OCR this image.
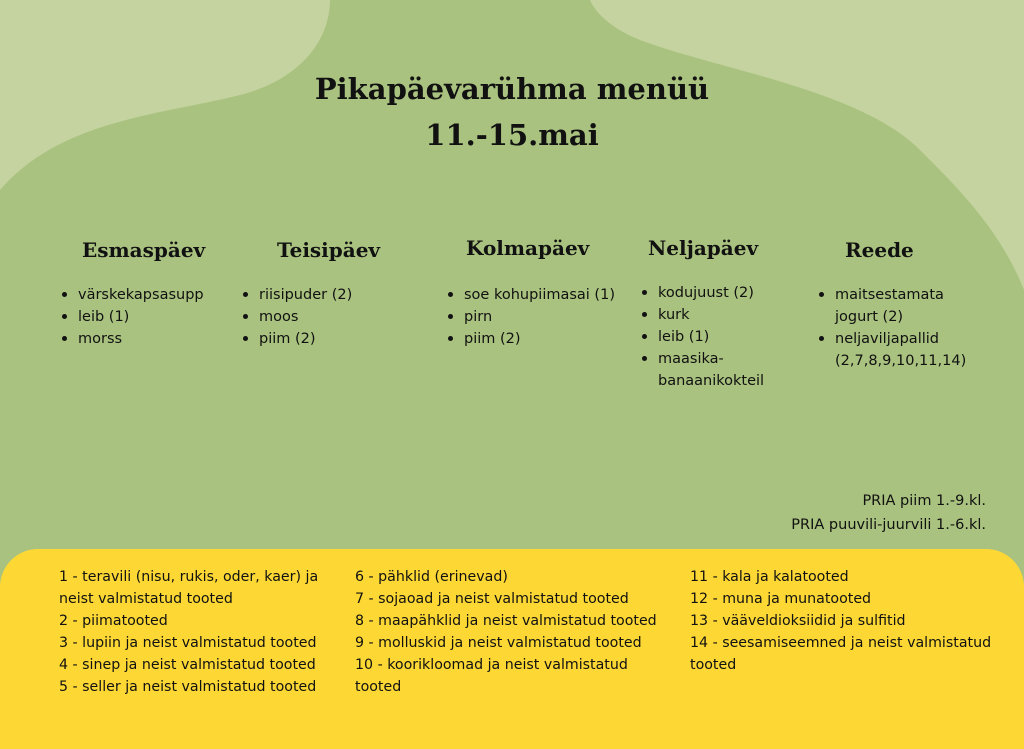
Pikapäevarühma menüü
11.-15.mai
Esmaspäev
värskekapsasupp
leib (1)
morss
Teisipäev
riisipuder (2)
moos
piim (2)
Kolmapäev
soe kohupiimasai (1)
pirn
piim (2)
Neljapäev
kodujuust (2)
kurk
leib (1)
maasika-banaanikokteil
Reede
maitsestamata jogurt (2)
neljaviljapallid (2,7,8,9,10,11,14)
PRIA piim 1.-9.kl.
PRIA puuvili-juurvili 1.-6.kl.
1 - teravili (nisu, rukis, oder, kaer) ja neist valmistatud tooted
2 - piimatooted
3 - lupiin ja neist valmistatud tooted
4 - sinep ja neist valmistatud tooted
5 - seller ja neist valmistatud tooted
6 - pähklid (erinevad)
7 - sojaoad ja neist valmistatud tooted
8 - maapähklid ja neist valmistatud tooted
9 - molluskid ja neist valmistatud tooted
10 - koorikloomad ja neist valmistatud tooted
11 - kala ja kalatooted
12 - muna ja munatooted
13 - vääveldioksiidid ja sulfitid
14 - seesamiseemned ja neist valmistatud tooted
